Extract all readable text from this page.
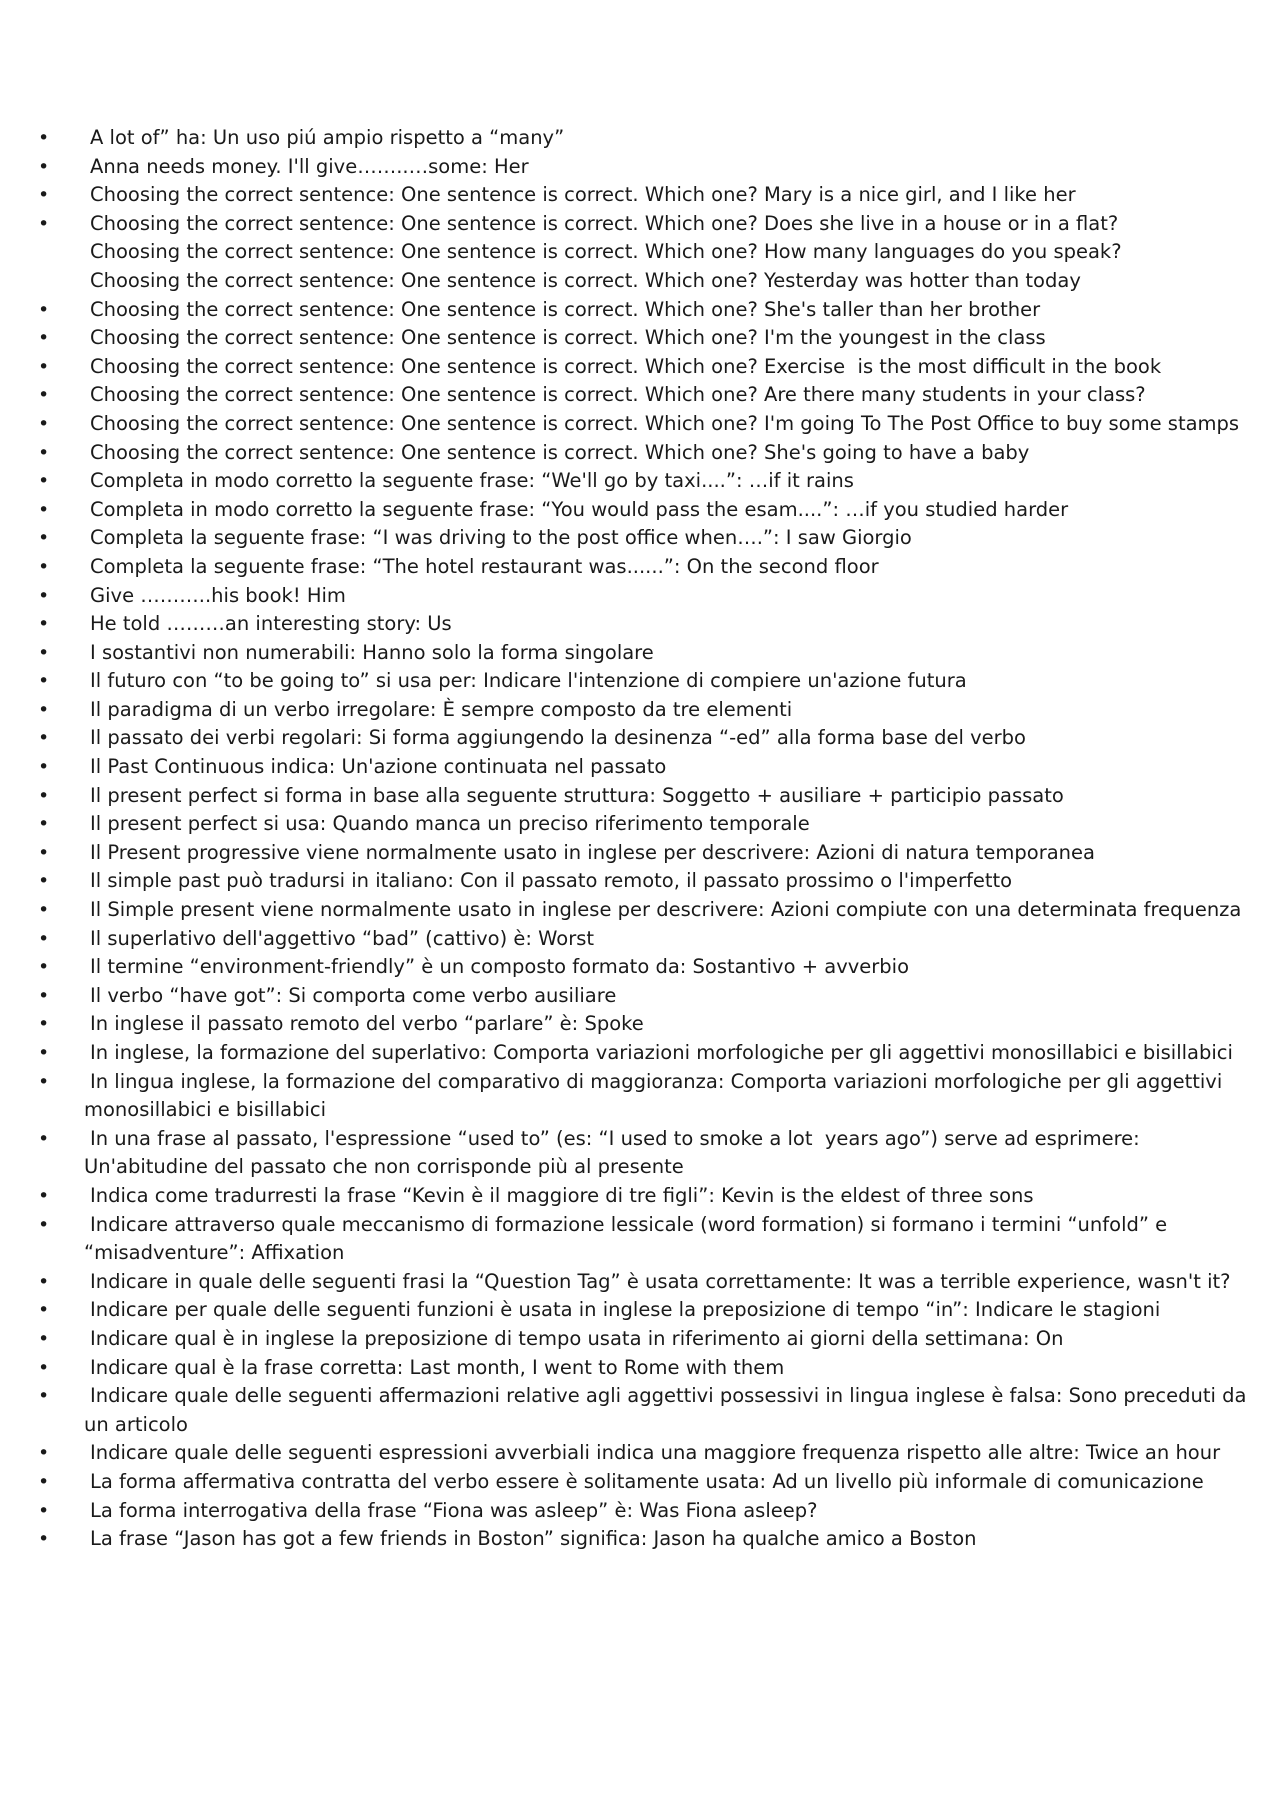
•	A lot of” ha: Un uso piú ampio rispetto a “many”
•	Anna needs money. I'll give……..…some: Her
•	Choosing the correct sentence: One sentence is correct. Which one? Mary is a nice girl, and I like her
•	Choosing the correct sentence: One sentence is correct. Which one? Does she live in a house or in a flat?
Choosing the correct sentence: One sentence is correct. Which one? How many languages do you speak?
Choosing the correct sentence: One sentence is correct. Which one? Yesterday was hotter than today
•	Choosing the correct sentence: One sentence is correct. Which one? She's taller than her brother
•	Choosing the correct sentence: One sentence is correct. Which one? I'm the youngest in the class
•	Choosing the correct sentence: One sentence is correct. Which one? Exercise  is the most difficult in the book
•	Choosing the correct sentence: One sentence is correct. Which one? Are there many students in your class?
•	Choosing the correct sentence: One sentence is correct. Which one? I'm going To The Post Office to buy some stamps
•	Choosing the correct sentence: One sentence is correct. Which one? She's going to have a baby
•	Completa in modo corretto la seguente frase: “We'll go by taxi....”: …if it rains
•	Completa in modo corretto la seguente frase: “You would pass the esam....”: …if you studied harder
•	Completa la seguente frase: “I was driving to the post office when….”: I saw Giorgio
•	Completa la seguente frase: “The hotel restaurant was......”: On the second floor
•	Give ………..his book! Him
•	He told ………an interesting story: Us
•	I sostantivi non numerabili: Hanno solo la forma singolare
•	Il futuro con “to be going to” si usa per: Indicare l'intenzione di compiere un'azione futura
•	Il paradigma di un verbo irregolare: È sempre composto da tre elementi
•	Il passato dei verbi regolari: Si forma aggiungendo la desinenza “-ed” alla forma base del verbo
•	Il Past Continuous indica: Un'azione continuata nel passato
•	Il present perfect si forma in base alla seguente struttura: Soggetto + ausiliare + participio passato
•	Il present perfect si usa: Quando manca un preciso riferimento temporale
•	Il Present progressive viene normalmente usato in inglese per descrivere: Azioni di natura temporanea
•	Il simple past può tradursi in italiano: Con il passato remoto, il passato prossimo o l'imperfetto
•	Il Simple present viene normalmente usato in inglese per descrivere: Azioni compiute con una determinata frequenza
•	Il superlativo dell'aggettivo “bad” (cattivo) è: Worst
•	Il termine “environment-friendly” è un composto formato da: Sostantivo + avverbio
•	Il verbo “have got”: Si comporta come verbo ausiliare
•	In inglese il passato remoto del verbo “parlare” è: Spoke
•	In inglese, la formazione del superlativo: Comporta variazioni morfologiche per gli aggettivi monosillabici e bisillabici
•	In lingua inglese, la formazione del comparativo di maggioranza: Comporta variazioni morfologiche per gli aggettivi monosillabici e bisillabici
•	In una frase al passato, l'espressione “used to” (es: “I used to smoke a lot  years ago”) serve ad esprimere: Un'abitudine del passato che non corrisponde più al presente
•	Indica come tradurresti la frase “Kevin è il maggiore di tre figli”: Kevin is the eldest of three sons
•	Indicare attraverso quale meccanismo di formazione lessicale (word formation) si formano i termini “unfold” e “misadventure”: Affixation
•	Indicare in quale delle seguenti frasi la “Question Tag” è usata correttamente: It was a terrible experience, wasn't it?
•	Indicare per quale delle seguenti funzioni è usata in inglese la preposizione di tempo “in”: Indicare le stagioni
•	Indicare qual è in inglese la preposizione di tempo usata in riferimento ai giorni della settimana: On
•	Indicare qual è la frase corretta: Last month, I went to Rome with them
•	Indicare quale delle seguenti affermazioni relative agli aggettivi possessivi in lingua inglese è falsa: Sono preceduti da un articolo
•	Indicare quale delle seguenti espressioni avverbiali indica una maggiore frequenza rispetto alle altre: Twice an hour
•	La forma affermativa contratta del verbo essere è solitamente usata: Ad un livello più informale di comunicazione
•	La forma interrogativa della frase “Fiona was asleep” è: Was Fiona asleep?
•	La frase “Jason has got a few friends in Boston” significa: Jason ha qualche amico a Boston
